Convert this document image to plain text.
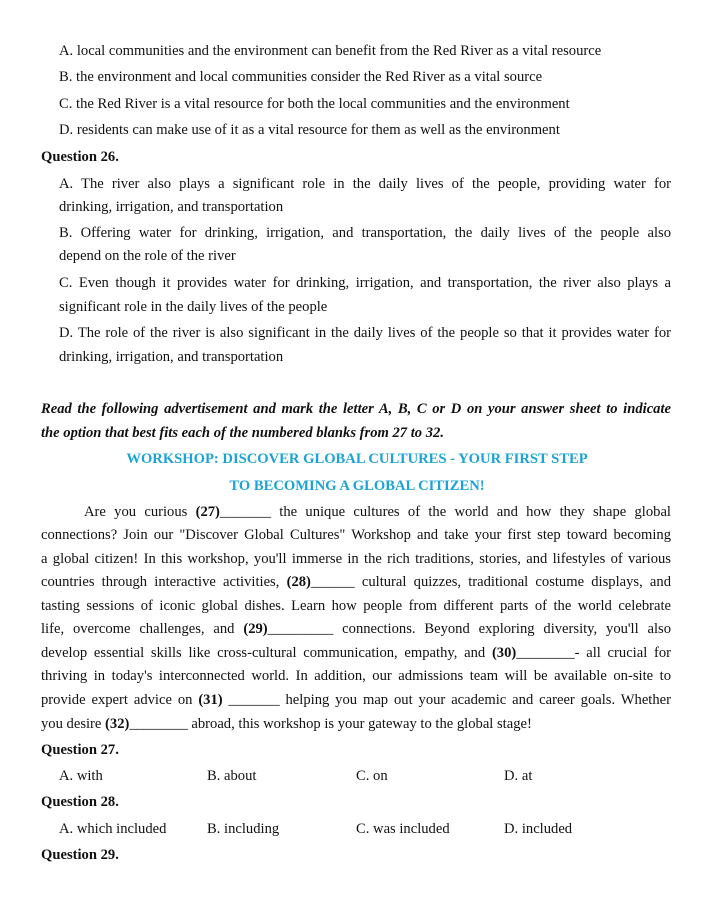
A. local communities and the environment can benefit from the Red River as a vital resource
B. the environment and local communities consider the Red River as a vital source
C. the Red River is a vital resource for both the local communities and the environment
D. residents can make use of it as a vital resource for them as well as the environment
Question 26.
A. The river also plays a significant role in the daily lives of the people, providing water for
drinking, irrigation, and transportation
B. Offering water for drinking, irrigation, and transportation, the daily lives of the people also
depend on the role of the river
C. Even though it provides water for drinking, irrigation, and transportation, the river also plays a
significant role in the daily lives of the people
D. The role of the river is also significant in the daily lives of the people so that it provides water for
drinking, irrigation, and transportation
Read the following advertisement and mark the letter A, B, C or D on your answer sheet to indicate
the option that best fits each of the numbered blanks from 27 to 32.
WORKSHOP: DISCOVER GLOBAL CULTURES - YOUR FIRST STEP
TO BECOMING A GLOBAL CITIZEN!
Are you curious (27)_______ the unique cultures of the world and how they shape global
connections? Join our "Discover Global Cultures" Workshop and take your first step toward becoming
a global citizen! In this workshop, you'll immerse in the rich traditions, stories, and lifestyles of various
countries through interactive activities, (28)______ cultural quizzes, traditional costume displays, and
tasting sessions of iconic global dishes. Learn how people from different parts of the world celebrate
life, overcome challenges, and (29)_________ connections. Beyond exploring diversity, you'll also
develop essential skills like cross-cultural communication, empathy, and (30)________- all crucial for
thriving in today's interconnected world. In addition, our admissions team will be available on-site to
provide expert advice on (31) _______ helping you map out your academic and career goals. Whether
you desire (32)________ abroad, this workshop is your gateway to the global stage!
Question 27.
A. with	B. about	C. on	D. at
Question 28.
A. which included	B. including	C. was included	D. included
Question 29.
